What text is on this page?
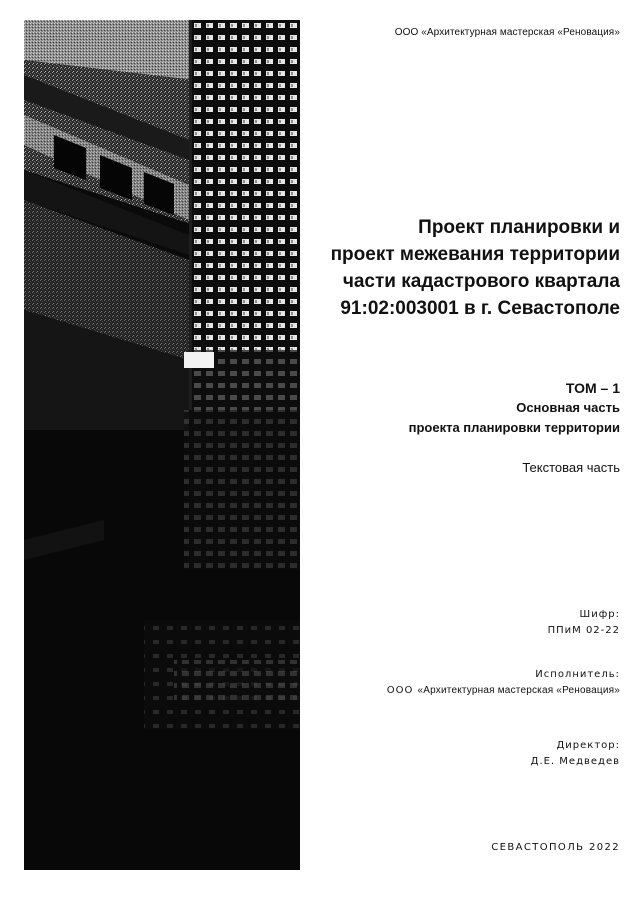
ООО «Архитектурная мастерская «Реновация»
Проект планировки и
проект межевания территории
части кадастрового квартала
91:02:003001 в г. Севастополе
ТОМ – 1
Основная часть
проекта планировки территории
Текстовая часть
Шифр:
ППиМ 02-22
Исполнитель:
ООО «Архитектурная мастерская «Реновация»
Директор:
Д.Е. Медведев
СЕВАСТОПОЛЬ 2022
